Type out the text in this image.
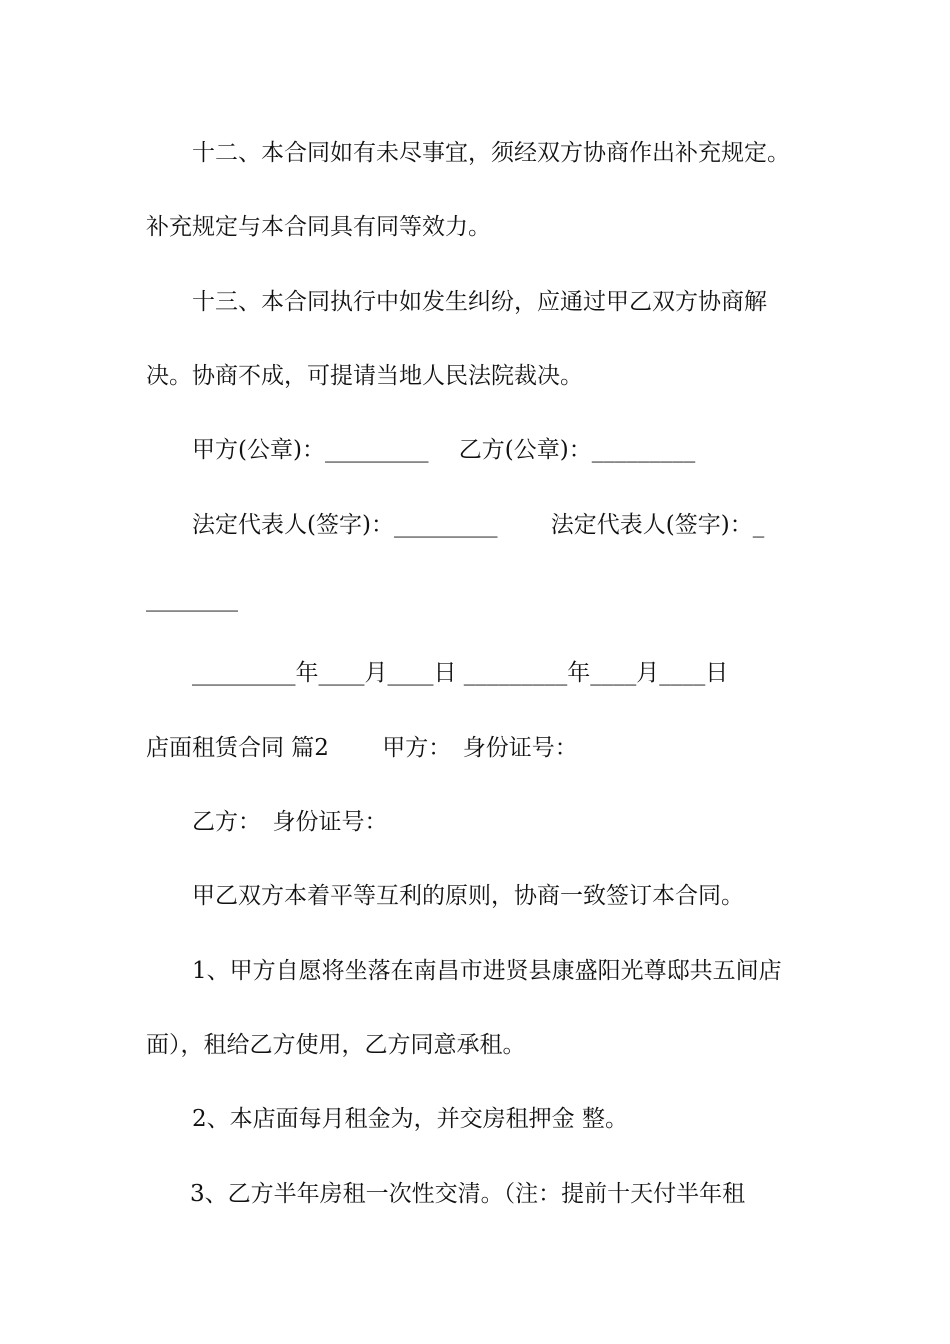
十二、本合同如有未尽事宜，须经双方协商作出补充规定。
补充规定与本合同具有同等效力。
十三、本合同执行中如发生纠纷，应通过甲乙双方协商解
决。协商不成，可提请当地人民法院裁决。
甲方(公章)：_________　 乙方(公章)：_________
法定代表人(签字)：_________　　 法定代表人(签字)：_
________
_________年____月____日 _________年____月____日
店面租赁合同 篇2　　 甲方：　身份证号：
乙方：　身份证号：
甲乙双方本着平等互利的原则，协商一致签订本合同。
1、甲方自愿将坐落在南昌市进贤县康盛阳光尊邸共五间店
面），租给乙方使用，乙方同意承租。
2、本店面每月租金为，并交房租押金 整。
3、乙方半年房租一次性交清。（注：提前十天付半年租
